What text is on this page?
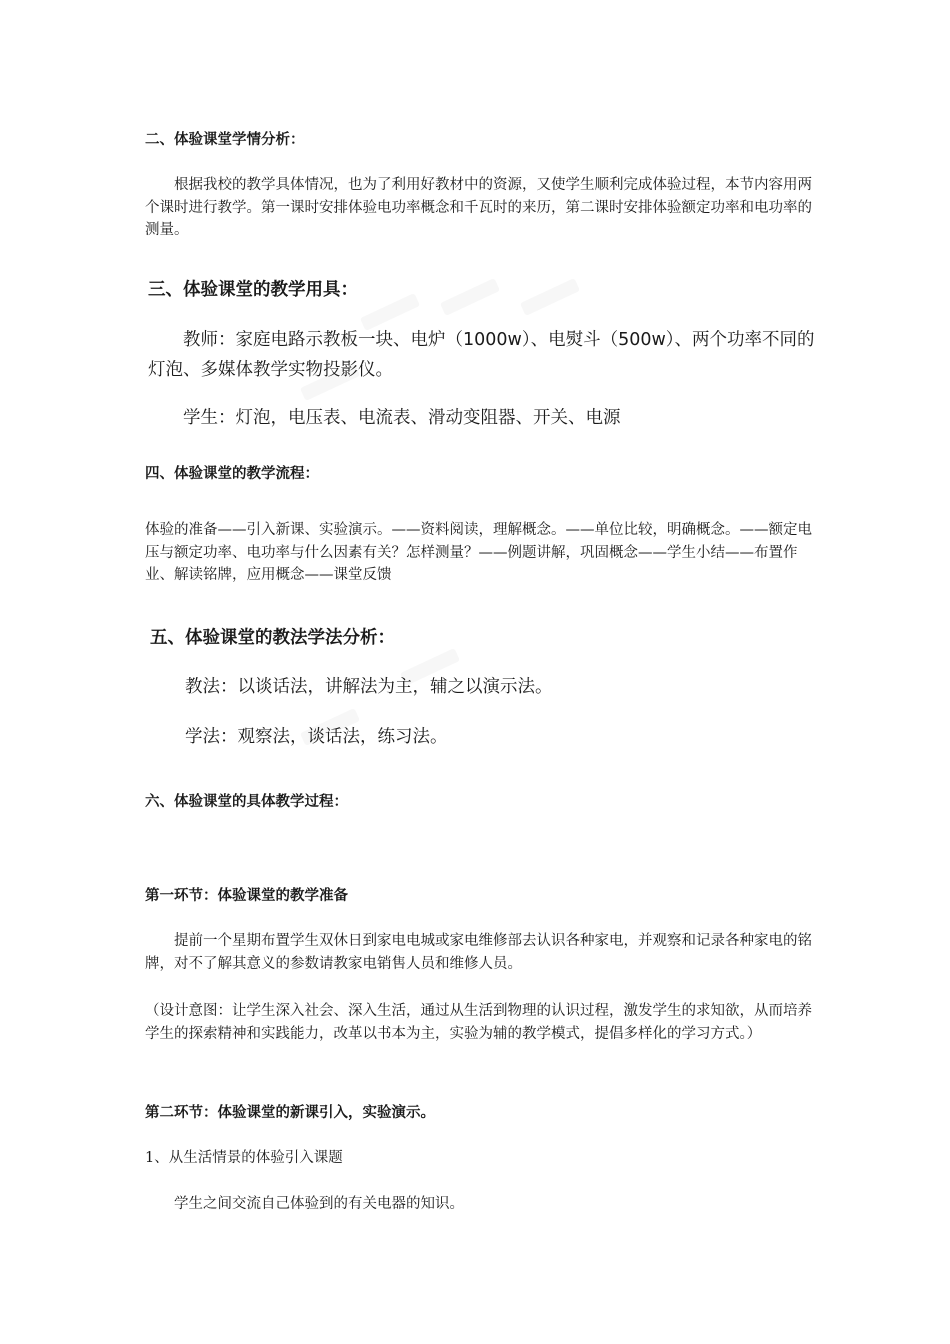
二、体验课堂学情分析：
根据我校的教学具体情况，也为了利用好教材中的资源，又使学生顺利完成体验过程，本节内容用两个课时进行教学。第一课时安排体验电功率概念和千瓦时的来历，第二课时安排体验额定功率和电功率的测量。
三、体验课堂的教学用具：
教师：家庭电路示教板一块、电炉（1000w）、电熨斗（500w）、两个功率不同的灯泡、多媒体教学实物投影仪。
学生：灯泡，电压表、电流表、滑动变阻器、开关、电源
四、体验课堂的教学流程：
体验的准备——引入新课、实验演示。——资料阅读，理解概念。——单位比较，明确概念。——额定电压与额定功率、电功率与什么因素有关？怎样测量？——例题讲解，巩固概念——学生小结——布置作业、解读铭牌，应用概念——课堂反馈
五、体验课堂的教法学法分析：
教法：以谈话法，讲解法为主，辅之以演示法。
学法：观察法，谈话法，练习法。
六、体验课堂的具体教学过程：
第一环节：体验课堂的教学准备
提前一个星期布置学生双休日到家电电城或家电维修部去认识各种家电，并观察和记录各种家电的铭牌，对不了解其意义的参数请教家电销售人员和维修人员。
（设计意图：让学生深入社会、深入生活，通过从生活到物理的认识过程，激发学生的求知欲，从而培养学生的探索精神和实践能力，改革以书本为主，实验为辅的教学模式，提倡多样化的学习方式。）
第二环节：体验课堂的新课引入，实验演示。
1、从生活情景的体验引入课题
学生之间交流自己体验到的有关电器的知识。
